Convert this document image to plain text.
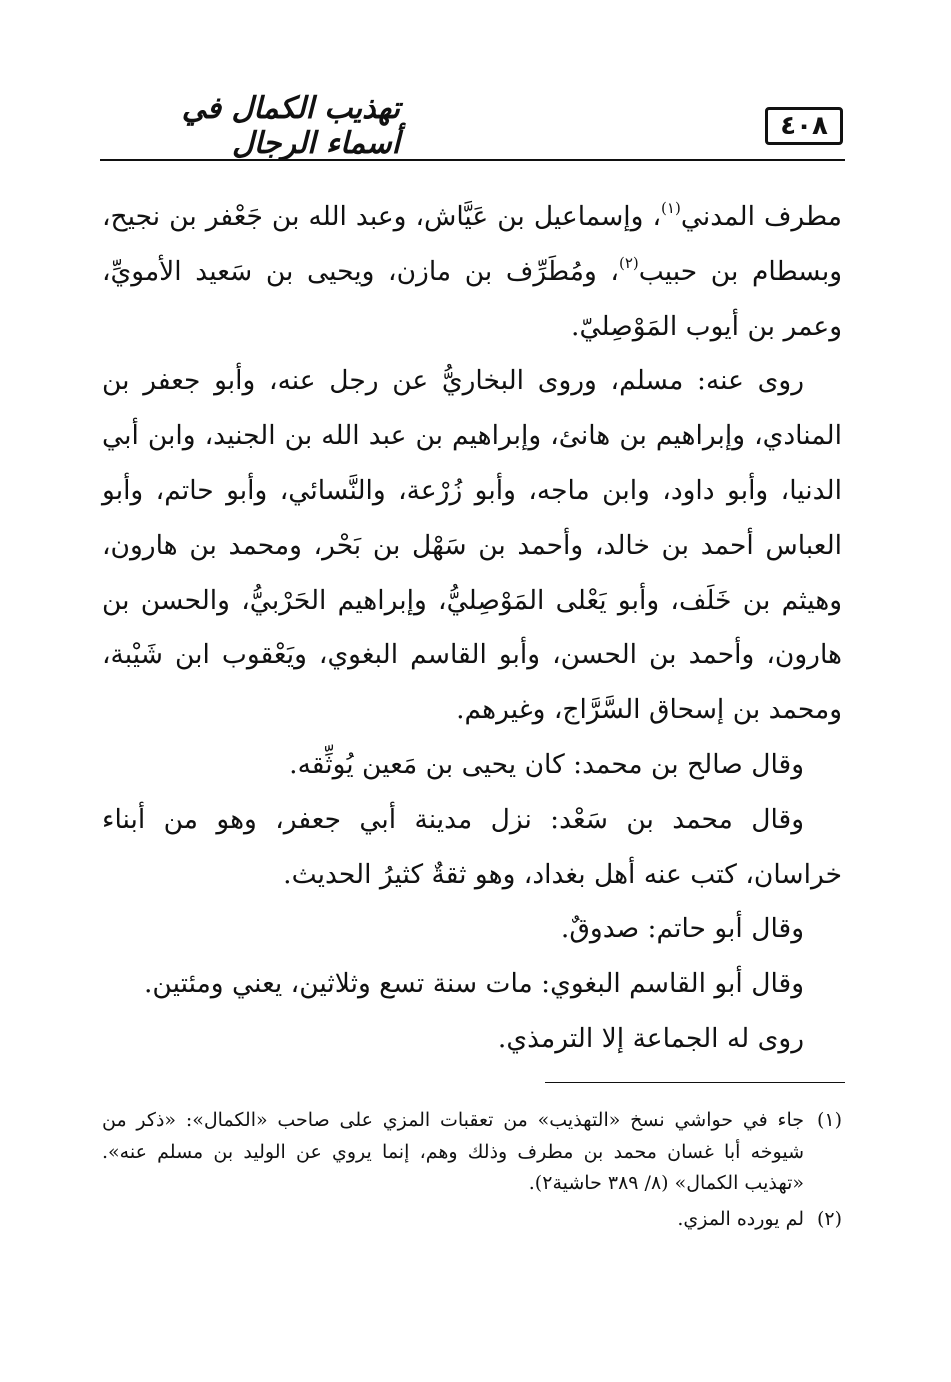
٤٠٨
تهذيب الكمال في أسماء الرجال

مطرف المدني$^{(١)}$، وإسماعيل بن عَيَّاش، وعبد الله بن جَعْفر بن نجيح، وبسطام بن حبيب$^{(٢)}$، ومُطَرِّف بن مازن، ويحيى بن سَعيد الأمويِّ، وعمر بن أيوب المَوْصِليّ.

روى عنه: مسلم، وروى البخاريُّ عن رجل عنه، وأبو جعفر بن المنادي، وإبراهيم بن هانئ، وإبراهيم بن عبد الله بن الجنيد، وابن أبي الدنيا، وأبو داود، وابن ماجه، وأبو زُرْعة، والنَّسائي، وأبو حاتم، وأبو العباس أحمد بن خالد، وأحمد بن سَهْل بن بَحْر، ومحمد بن هارون، وهيثم بن خَلَف، وأبو يَعْلى المَوْصِليُّ، وإبراهيم الحَرْبيُّ، والحسن بن هارون، وأحمد بن الحسن، وأبو القاسم البغوي، ويَعْقوب ابن شَيْبة، ومحمد بن إسحاق السَّرَّاج، وغيرهم.

وقال صالح بن محمد: كان يحيى بن مَعين يُوثِّقه.

وقال محمد بن سَعْد: نزل مدينة أبي جعفر، وهو من أبناء خراسان، كتب عنه أهل بغداد، وهو ثقةٌ كثيرُ الحديث.

وقال أبو حاتم: صدوقٌ.

وقال أبو القاسم البغوي: مات سنة تسع وثلاثين، يعني ومئتين.

روى له الجماعة إلا الترمذي.

(١)جاء في حواشي نسخ «التهذيب» من تعقبات المزي على صاحب «الكمال»: «ذكر من شيوخه أبا غسان محمد بن مطرف وذلك وهم، إنما يروي عن الوليد بن مسلم عنه». «تهذيب الكمال» (٨/ ٣٨٩ حاشية٢).

(٢)لم يورده المزي.
